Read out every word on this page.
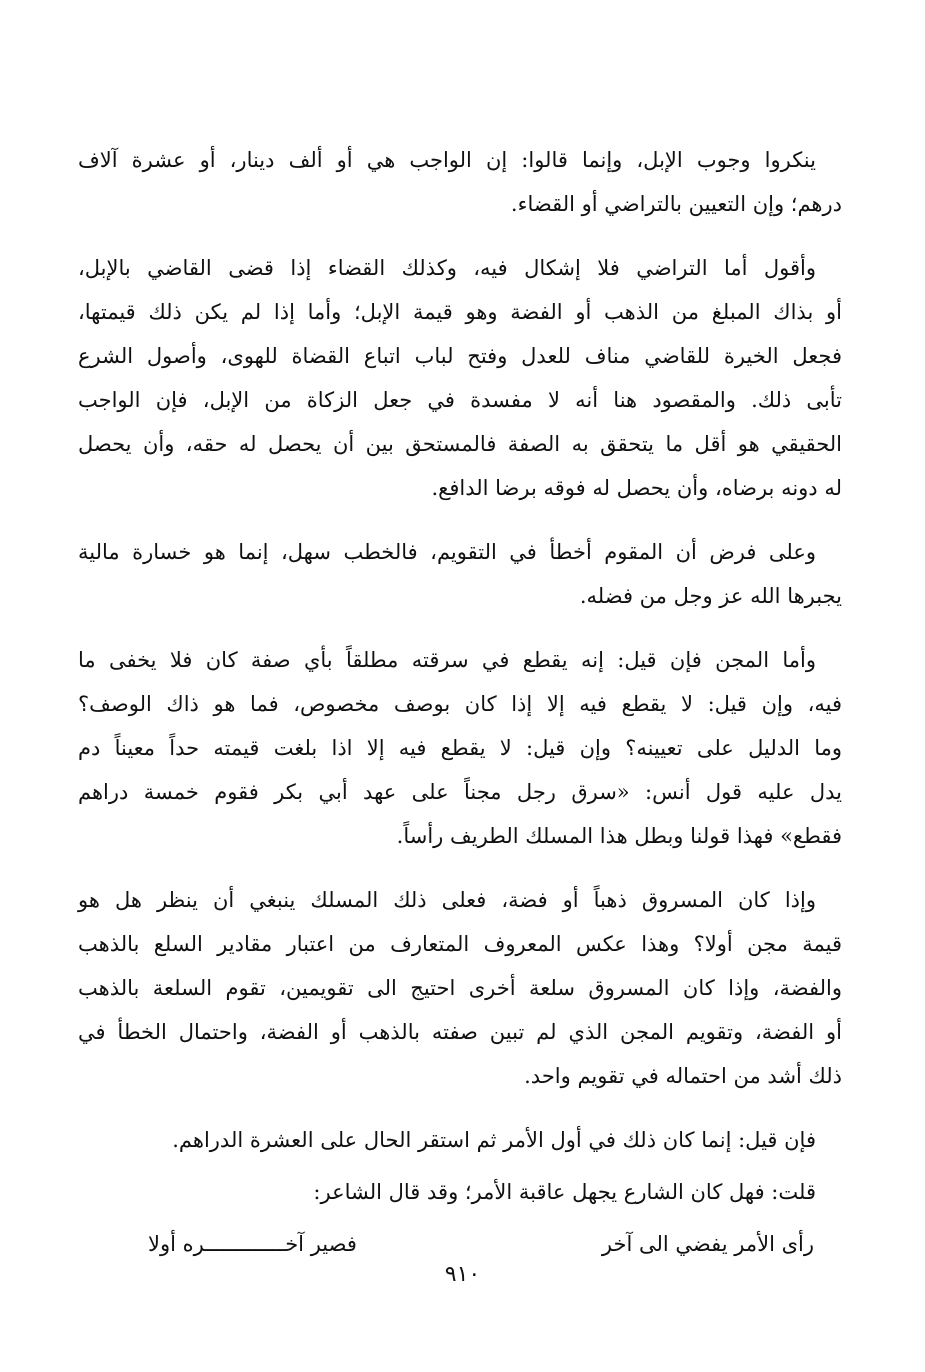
ينكروا وجوب الإبل، وإنما قالوا: إن الواجب هي أو ألف دينار، أو عشرة آلاف
درهم؛ وإن التعيين بالتراضي أو القضاء.

وأقول أما التراضي فلا إشكال فيه، وكذلك القضاء إذا قضى القاضي بالإبل،
أو بذاك المبلغ من الذهب أو الفضة وهو قيمة الإبل؛ وأما إذا لم يكن ذلك قيمتها،
فجعل الخيرة للقاضي مناف للعدل وفتح لباب اتباع القضاة للهوى، وأصول الشرع
تأبى ذلك. والمقصود هنا أنه لا مفسدة في جعل الزكاة من الإبل، فإن الواجب
الحقيقي هو أقل ما يتحقق به الصفة فالمستحق بين أن يحصل له حقه، وأن يحصل
له دونه برضاه، وأن يحصل له فوقه برضا الدافع.

وعلى فرض أن المقوم أخطأ في التقويم، فالخطب سهل، إنما هو خسارة مالية
يجبرها الله عز وجل من فضله.

وأما المجن فإن قيل: إنه يقطع في سرقته مطلقاً بأي صفة كان فلا يخفى ما
فيه، وإن قيل: لا يقطع فيه إلا إذا كان بوصف مخصوص، فما هو ذاك الوصف؟
وما الدليل على تعيينه؟ وإن قيل: لا يقطع فيه إلا اذا بلغت قيمته حداً معيناً دم
يدل عليه قول أنس: «سرق رجل مجناً على عهد أبي بكر فقوم خمسة دراهم
فقطع» فهذا قولنا وبطل هذا المسلك الطريف رأساً.

وإذا كان المسروق ذهباً أو فضة، فعلى ذلك المسلك ينبغي أن ينظر هل هو
قيمة مجن أولا؟ وهذا عكس المعروف المتعارف من اعتبار مقادير السلع بالذهب
والفضة، وإذا كان المسروق سلعة أخرى احتيج الى تقويمين، تقوم السلعة بالذهب
أو الفضة، وتقويم المجن الذي لم تبين صفته بالذهب أو الفضة، واحتمال الخطأ في
ذلك أشد من احتماله في تقويم واحد.

فإن قيل: إنما كان ذلك في أول الأمر ثم استقر الحال على العشرة الدراهم.

قلت: فهل كان الشارع يجهل عاقبة الأمر؛ وقد قال الشاعر:

رأى الأمر يفضي الى آخر
فصير آخـــــــــــــره أولا
٩١٠
